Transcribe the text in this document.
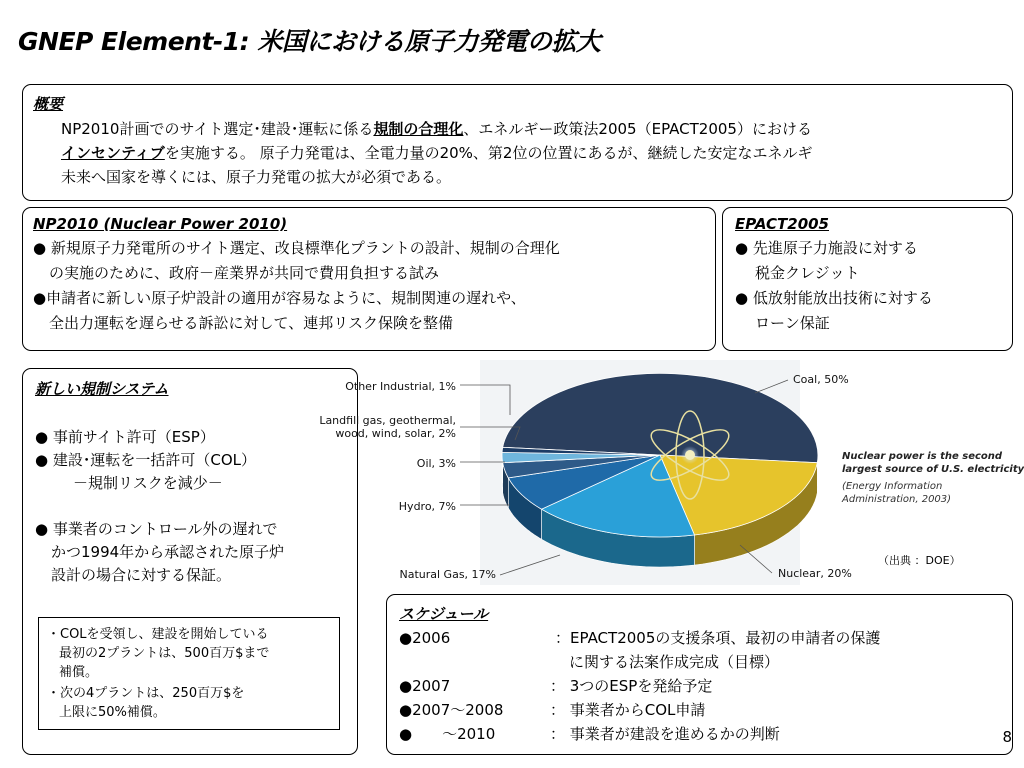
GNEP Element-1: 米国における原子力発電の拡大
概要
NP2010計画でのサイト選定･建設･運転に係る規制の合理化、エネルギー政策法2005（EPACT2005）における
インセンティブを実施する。 原子力発電は、全電力量の20%、第2位の位置にあるが、継続した安定なエネルギ
未来へ国家を導くには、原子力発電の拡大が必須である。
NP2010 (Nuclear Power 2010)
● 新規原子力発電所のサイト選定、改良標準化プラントの設計、規制の合理化
の実施のために、政府－産業界が共同で費用負担する試み
●申請者に新しい原子炉設計の適用が容易なように、規制関連の遅れや、
全出力運転を遅らせる訴訟に対して、連邦リスク保険を整備
EPACT2005
● 先進原子力施設に対する
税金クレジット
● 低放射能放出技術に対する
ローン保証
新しい規制システム
● 事前サイト許可（ESP）
● 建設･運転を一括許可（COL）
－規制リスクを減少－
● 事業者のコントロール外の遅れで
かつ1994年から承認された原子炉
設計の場合に対する保証。
・COLを受領し、建設を開始している
最初の2プラントは、500百万$まで
補償。
・次の4プラントは、250百万$を
上限に50%補償。
Other Industrial, 1%
Landfill gas, geothermal,
wood, wind, solar, 2%
Oil, 3%
Hydro, 7%
Natural Gas, 17%	Nuclear, 20%
Coal, 50%
Nuclear power is the second
largest source of U.S. electricity
(Energy Information
Administration, 2003)
（出典 ：DOE）
スケジュール
●2006	：EPACT2005の支援条項、最初の申請者の保護
に関する法案作成完成（目標）
●2007	： 3つのESPを発給予定
●2007～2008	： 事業者からCOL申請
●　　～2010	： 事業者が建設を進めるかの判断	8
